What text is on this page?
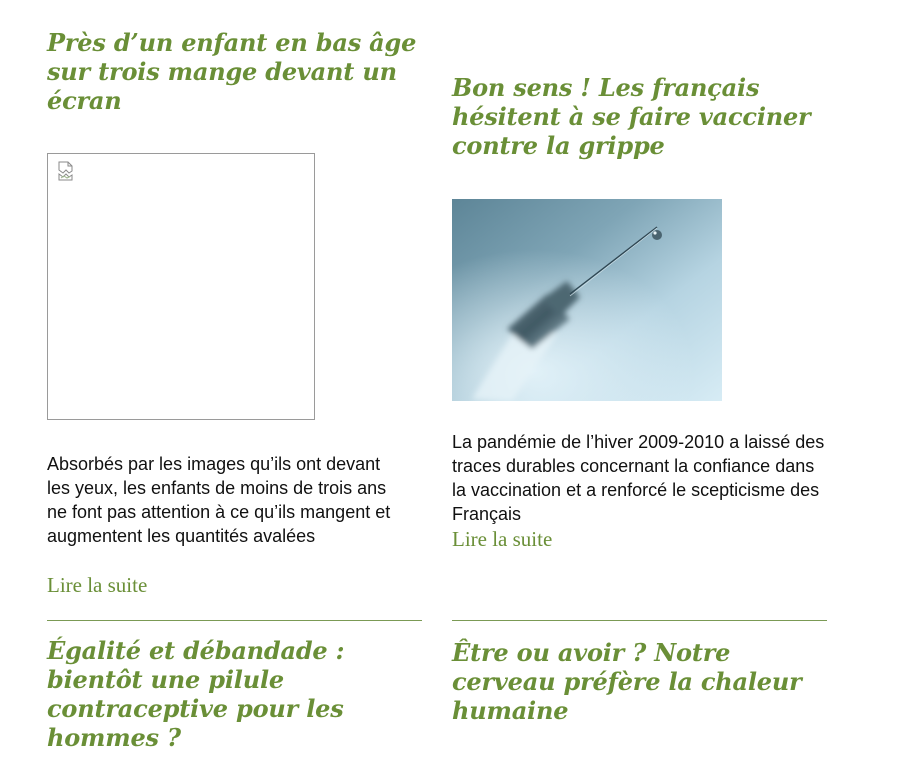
Près d’un enfant en bas âge sur trois mange devant un écran

Absorbés par les images qu’ils ont devant les yeux, les enfants de moins de trois ans ne font pas attention à ce qu’ils mangent et augmentent les quantités avalées

Lire la suite
Égalité et débandade : bientôt une pilule contraceptive pour les hommes ?
Bon sens ! Les français hésitent à se faire vacciner contre la grippe

La pandémie de l’hiver 2009-2010 a laissé des traces durables concernant la confiance dans la vaccination et a renforcé le scepticisme des Français

Lire la suite
Être ou avoir ? Notre cerveau préfère la chaleur humaine
